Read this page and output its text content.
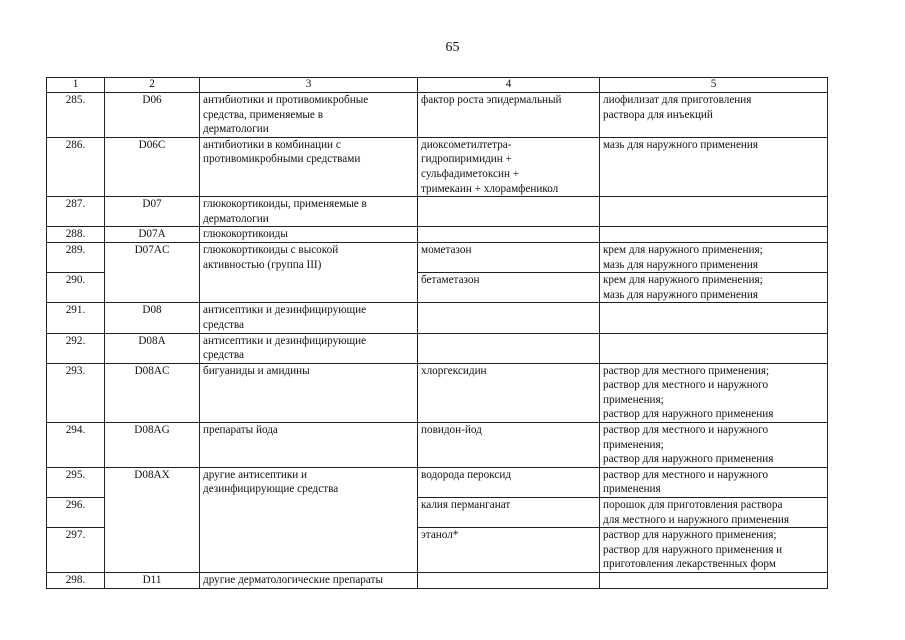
65
1	2	3	4	5
285.	D06	антибиотики и противомикробные
средства, применяемые в
дерматологии	фактор роста эпидермальный	лиофилизат для приготовления
раствора для инъекций

286.	D06C	антибиотики в комбинации с
противомикробными средствами	диоксометилтетра-
гидропиримидин +
сульфадиметоксин +
тримекаин + хлорамфеникол	мазь для наружного применения

287.	D07	глюкокортикоиды, применяемые в
дерматологии		

288.	D07A	глюкокортикоиды		

289.	D07AC	глюкокортикоиды с высокой
активностью (группа III)	мометазон	крем для наружного применения;
мазь для наружного применения

290.			бетаметазон	крем для наружного применения;
мазь для наружного применения

291.	D08	антисептики и дезинфицирующие
средства		

292.	D08A	антисептики и дезинфицирующие
средства		

293.	D08AC	бигуаниды и амидины	хлоргексидин	раствор для местного применения;
раствор для местного и наружного
применения;
раствор для наружного применения

294.	D08AG	препараты йода	повидон-йод	раствор для местного и наружного
применения;
раствор для наружного применения

295.	D08AX	другие антисептики и
дезинфицирующие средства	водорода пероксид	раствор для местного и наружного
применения

296.			калия перманганат	порошок для приготовления раствора
для местного и наружного применения

297.			этанол*	раствор для наружного применения;
раствор для наружного применения и
приготовления лекарственных форм

298.	D11	другие дерматологические препараты		
